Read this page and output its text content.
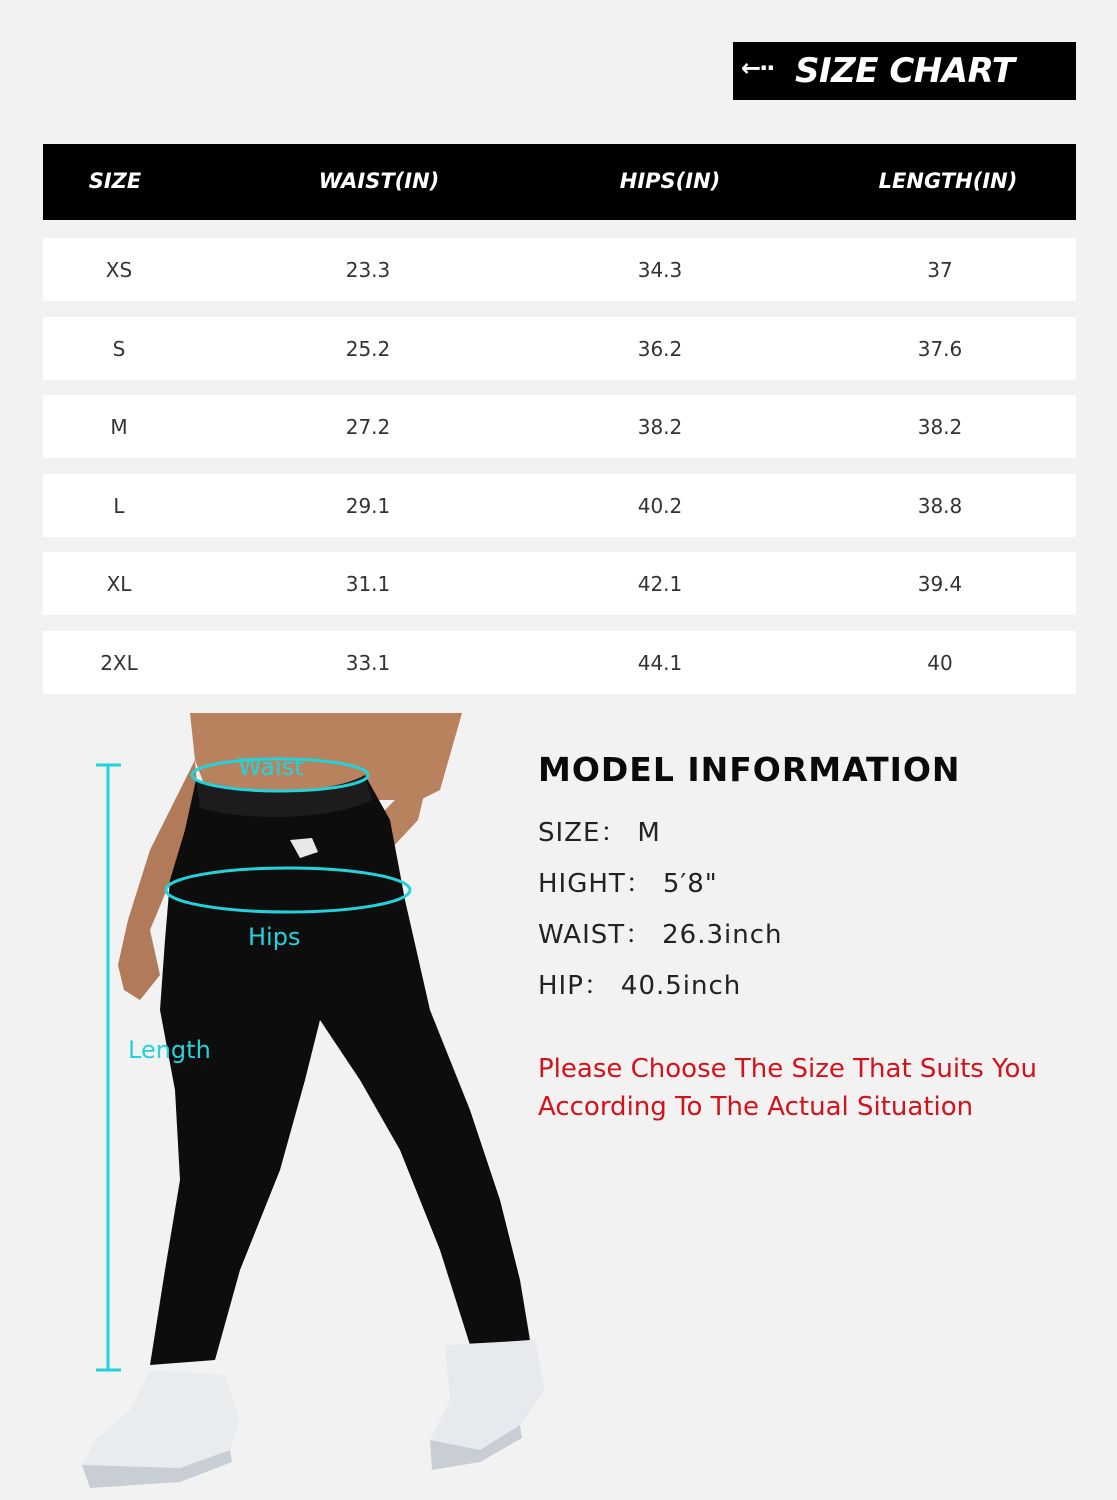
←·· SIZE CHART
SIZE	WAIST(IN)	HIPS(IN)	LENGTH(IN)
XS	23.3	34.3	37
S	25.2	36.2	37.6
M	27.2	38.2	38.2
L	29.1	40.2	38.8
XL	31.1	42.1	39.4
2XL	33.1	44.1	40
Waist
Hips
Length
MODEL INFORMATION
SIZE： M
HIGHT： 5′8"
WAIST： 26.3inch
HIP： 40.5inch
Please Choose The Size That Suits You
According To The Actual Situation
